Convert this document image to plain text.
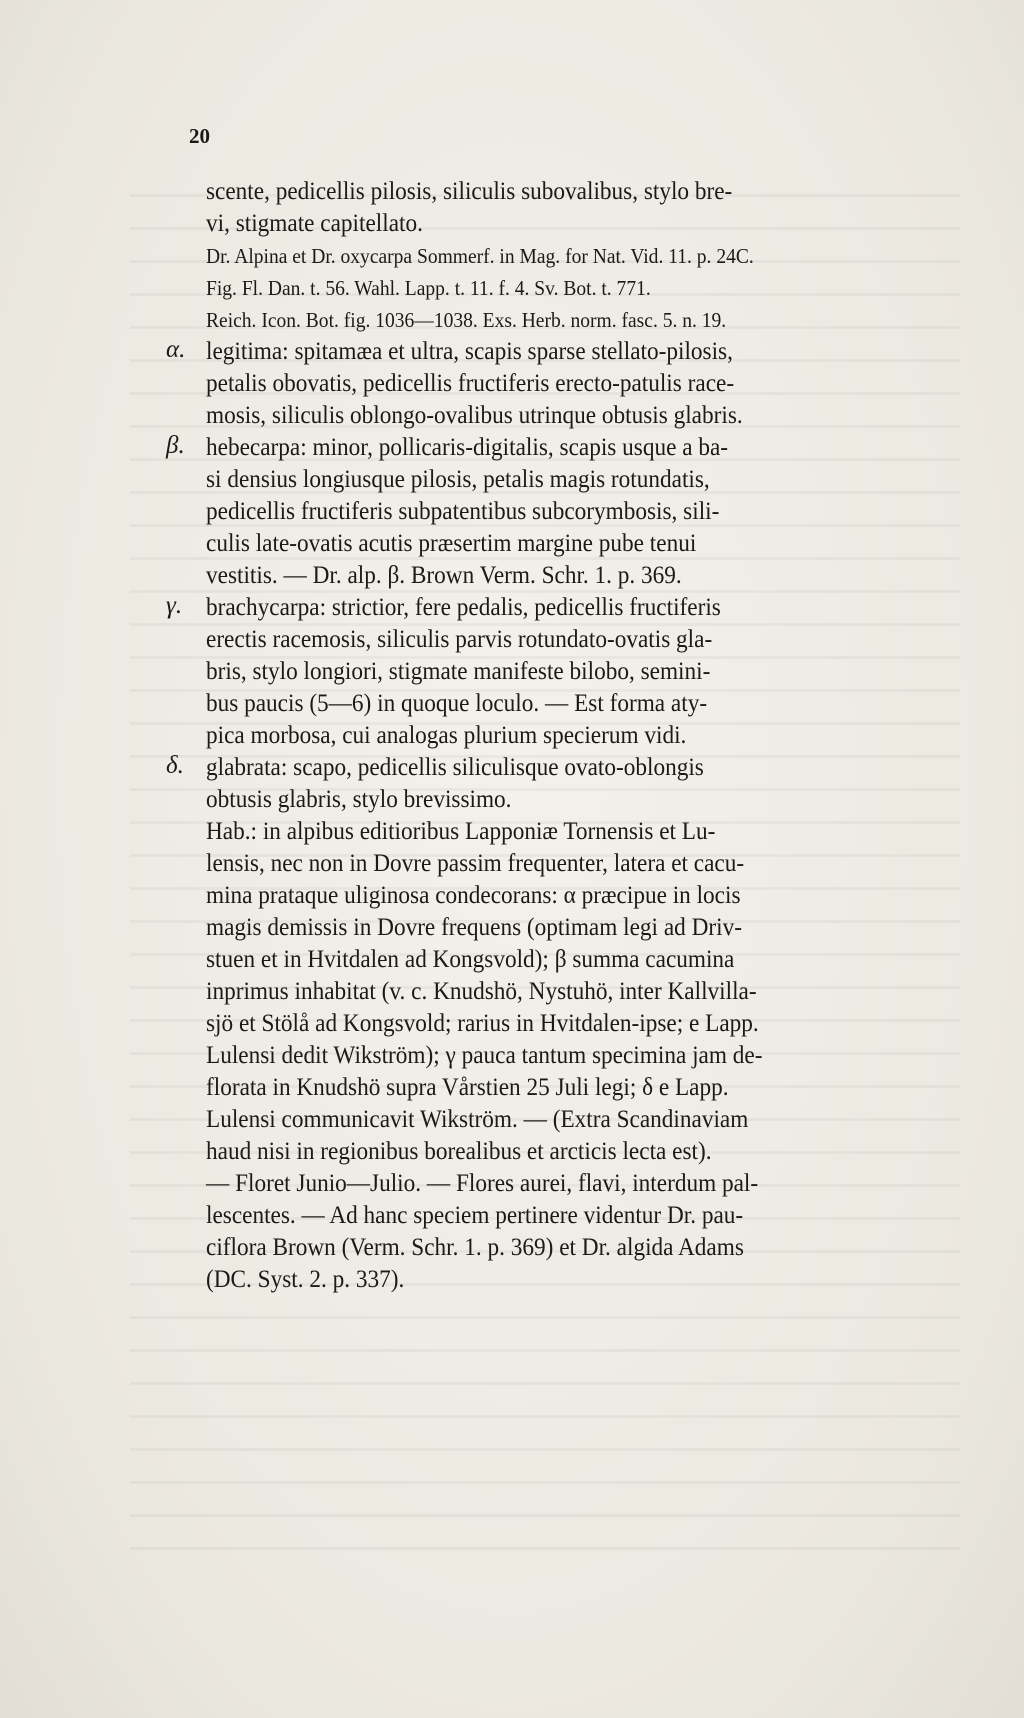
20
scente, pedicellis pilosis, siliculis subovalibus, stylo bre-
vi, stigmate capitellato.
Dr. Alpina et Dr. oxycarpa Sommerf. in Mag. for Nat. Vid. 11. p. 24C.
Fig. Fl. Dan. t. 56. Wahl. Lapp. t. 11. f. 4. Sv. Bot. t. 771.
Reich. Icon. Bot. fig. 1036—1038. Exs. Herb. norm. fasc. 5. n. 19.
α. legitima: spitamæa et ultra, scapis sparse stellato-pilosis,
petalis obovatis, pedicellis fructiferis erecto-patulis race-
mosis, siliculis oblongo-ovalibus utrinque obtusis glabris.
β. hebecarpa: minor, pollicaris-digitalis, scapis usque a ba-
si densius longiusque pilosis, petalis magis rotundatis,
pedicellis fructiferis subpatentibus subcorymbosis, sili-
culis late-ovatis acutis præsertim margine pube tenui
vestitis. — Dr. alp. β. Brown Verm. Schr. 1. p. 369.
γ. brachycarpa: strictior, fere pedalis, pedicellis fructiferis
erectis racemosis, siliculis parvis rotundato-ovatis gla-
bris, stylo longiori, stigmate manifeste bilobo, semini-
bus paucis (5—6) in quoque loculo. — Est forma aty-
pica morbosa, cui analogas plurium specierum vidi.
δ. glabrata: scapo, pedicellis siliculisque ovato-oblongis
obtusis glabris, stylo brevissimo.
Hab.: in alpibus editioribus Lapponiæ Tornensis et Lu-
lensis, nec non in Dovre passim frequenter, latera et cacu-
mina prataque uliginosa condecorans: α præcipue in locis
magis demissis in Dovre frequens (optimam legi ad Driv-
stuen et in Hvitdalen ad Kongsvold); β summa cacumina
inprimus inhabitat (v. c. Knudshö, Nystuhö, inter Kallvilla-
sjö et Stölå ad Kongsvold; rarius in Hvitdalen-ipse; e Lapp.
Lulensi dedit Wikström); γ pauca tantum specimina jam de-
florata in Knudshö supra Vårstien 25 Juli legi; δ e Lapp.
Lulensi communicavit Wikström. — (Extra Scandinaviam
haud nisi in regionibus borealibus et arcticis lecta est).
— Floret Junio—Julio. — Flores aurei, flavi, interdum pal-
lescentes. — Ad hanc speciem pertinere videntur Dr. pau-
ciflora Brown (Verm. Schr. 1. p. 369) et Dr. algida Adams
(DC. Syst. 2. p. 337).
